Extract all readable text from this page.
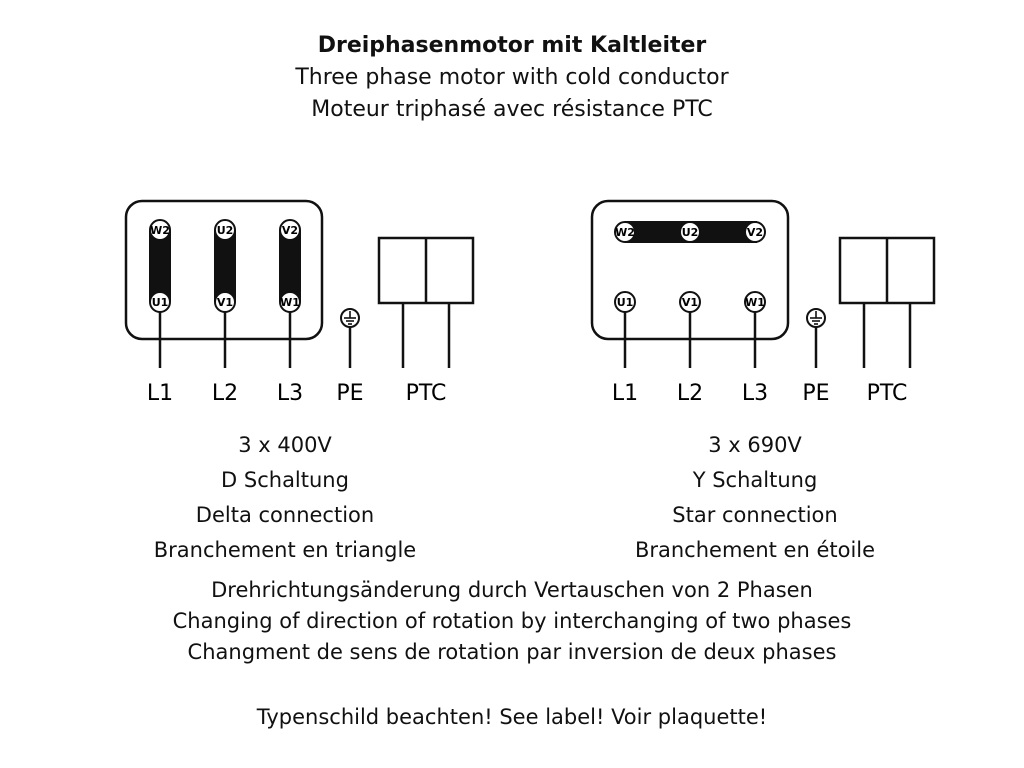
Dreiphasenmotor mit Kaltleiter
Three phase motor with cold conductor
Moteur triphasé avec résistance PTC
W2	U2	V2
U1	V1	W1
L1 L2 L3 PE PTC
W2	U2	V2
U1	V1	W1
L1 L2 L3 PE PTC
3 x 400V
D Schaltung
Delta connection
Branchement en triangle
3 x 690V
Y Schaltung
Star connection
Branchement en étoile
Drehrichtungsänderung durch Vertauschen von 2 Phasen
Changing of direction of rotation by interchanging of two phases
Changment de sens de rotation par inversion de deux phases
Typenschild beachten! See label! Voir plaquette!
